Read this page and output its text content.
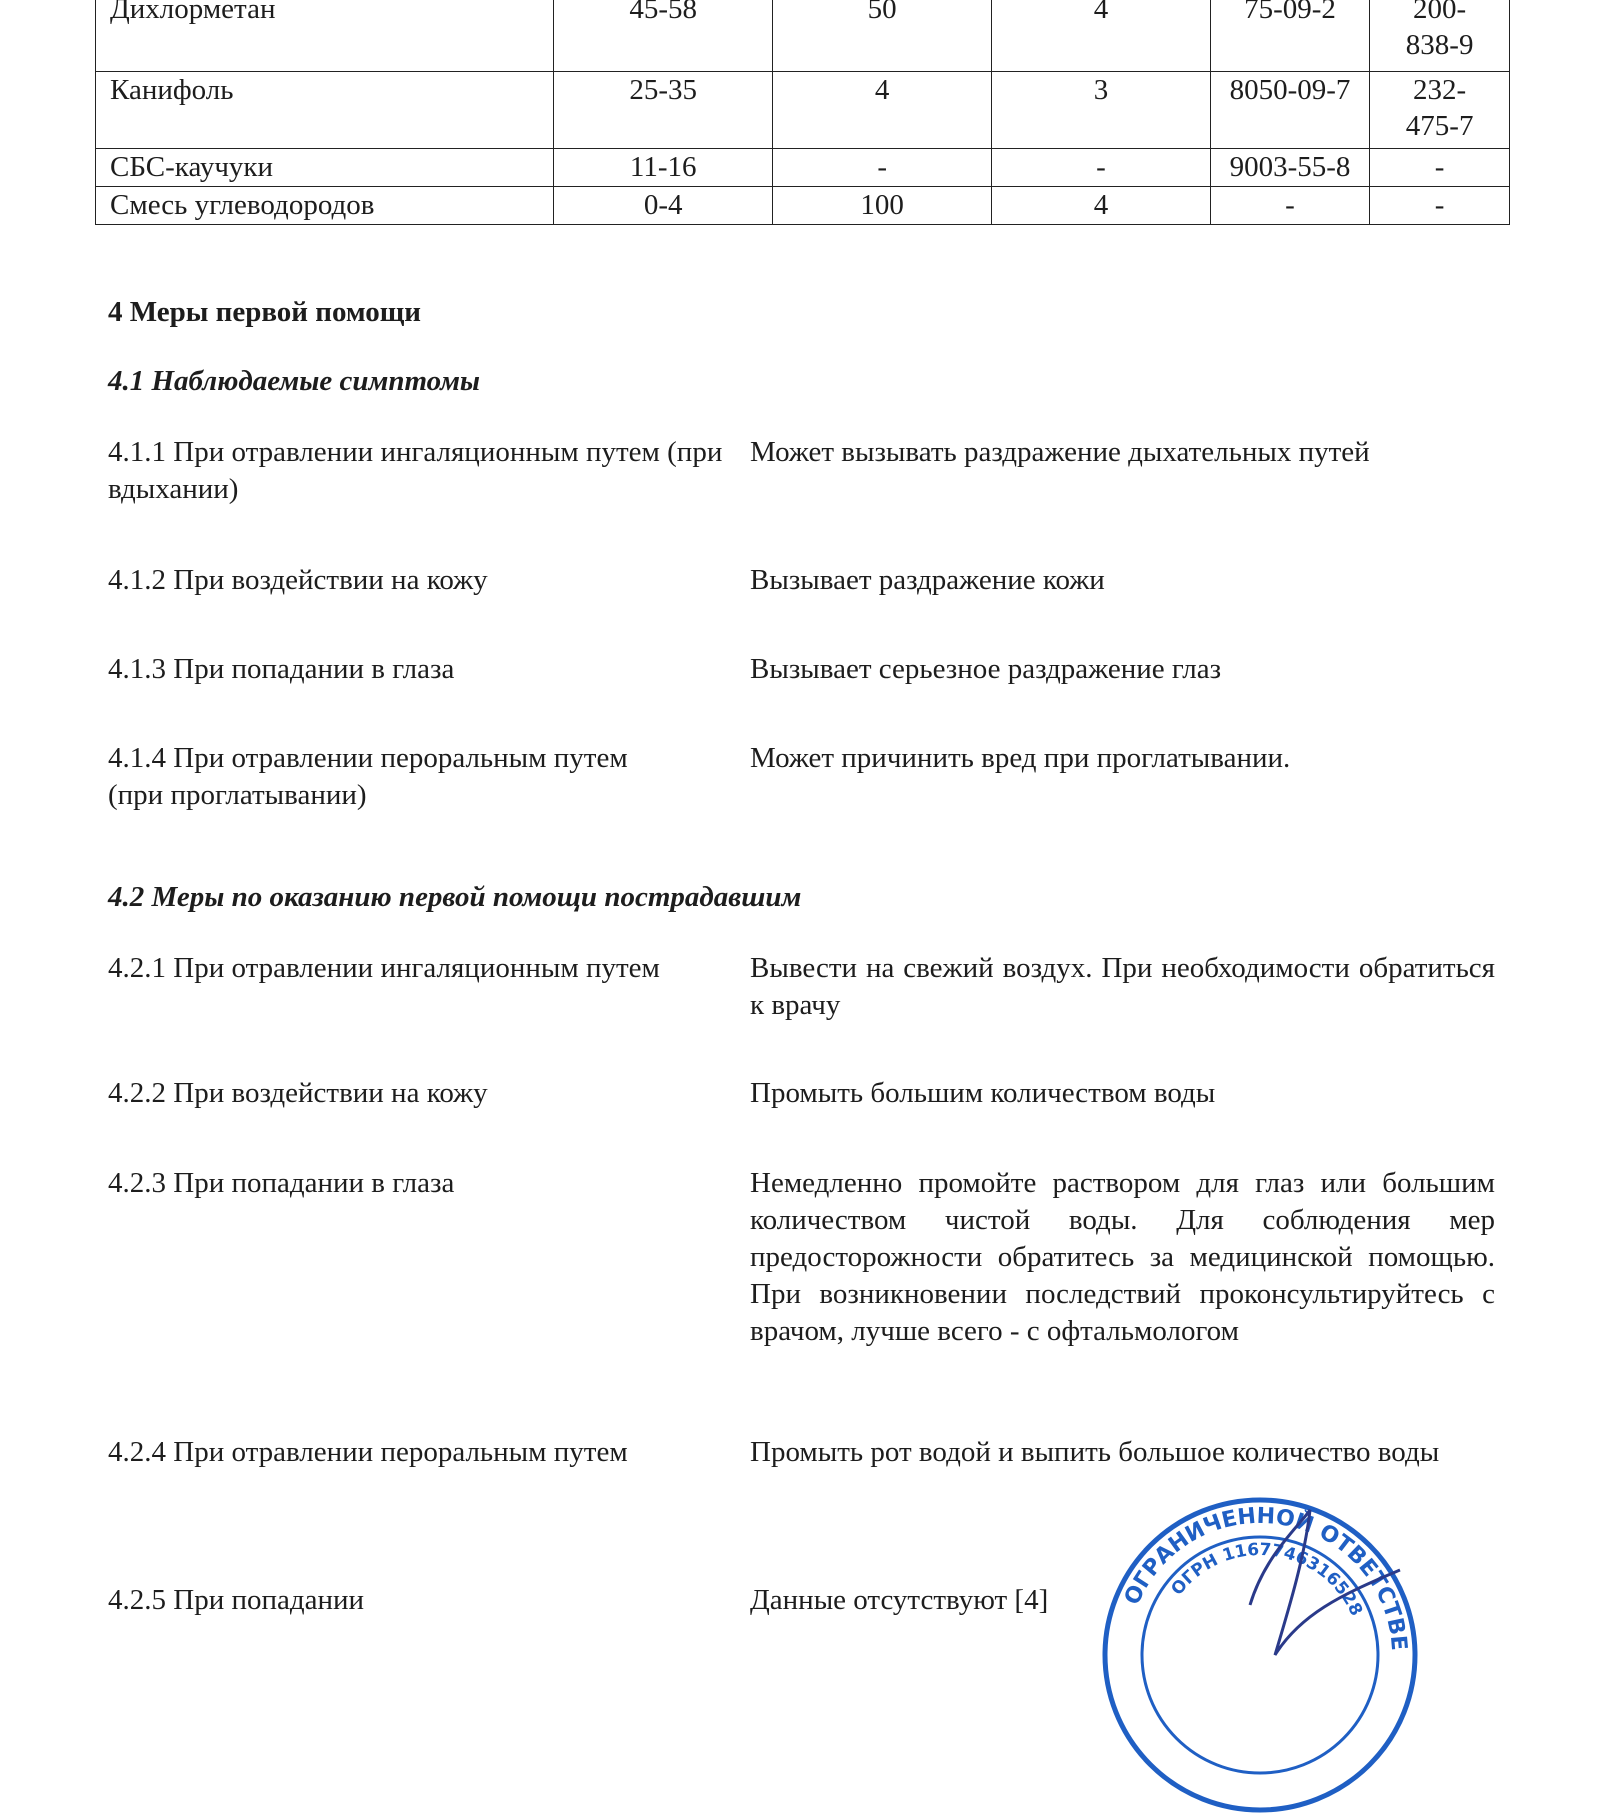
Дихлорметан	45-58	50	4	75-09-2	200-
838-9
Канифоль	25-35	4	3	8050-09-7	232-
475-7
СБС-каучуки	11-16	-	-	9003-55-8	-
Смесь углеводородов	0-4	100	4	-	-
4 Меры первой помощи
4.1 Наблюдаемые симптомы
4.1.1 При отравлении ингаляционным путем (при вдыхании)
Может вызывать раздражение дыхательных путей
4.1.2 При воздействии на кожу	Вызывает раздражение кожи
4.1.3 При попадании в глаза	Вызывает серьезное раздражение глаз
4.1.4 При отравлении пероральным путем (при проглатывании)
Может причинить вред при проглатывании.
4.2 Меры по оказанию первой помощи пострадавшим
4.2.1 При отравлении ингаляционным путем	Вывести на свежий воздух. При необходимости обратиться к врачу
4.2.2 При воздействии на кожу	Промыть большим количеством воды
4.2.3 При попадании в глаза	Немедленно промойте раствором для глаз или большим количеством чистой воды. Для соблюдения мер предосторожности обратитесь за медицинской помощью. При возникновении последствий проконсультируйтесь с врачом, лучше всего - с офтальмологом
4.2.4 При отравлении пероральным путем	Промыть рот водой и выпить большое количество воды
4.2.5 При попадании	Данные отсутствуют [4]	ОГРАНИЧЕННОЙ ОТВЕТСТВЕ
ОГРН 1167746316528
